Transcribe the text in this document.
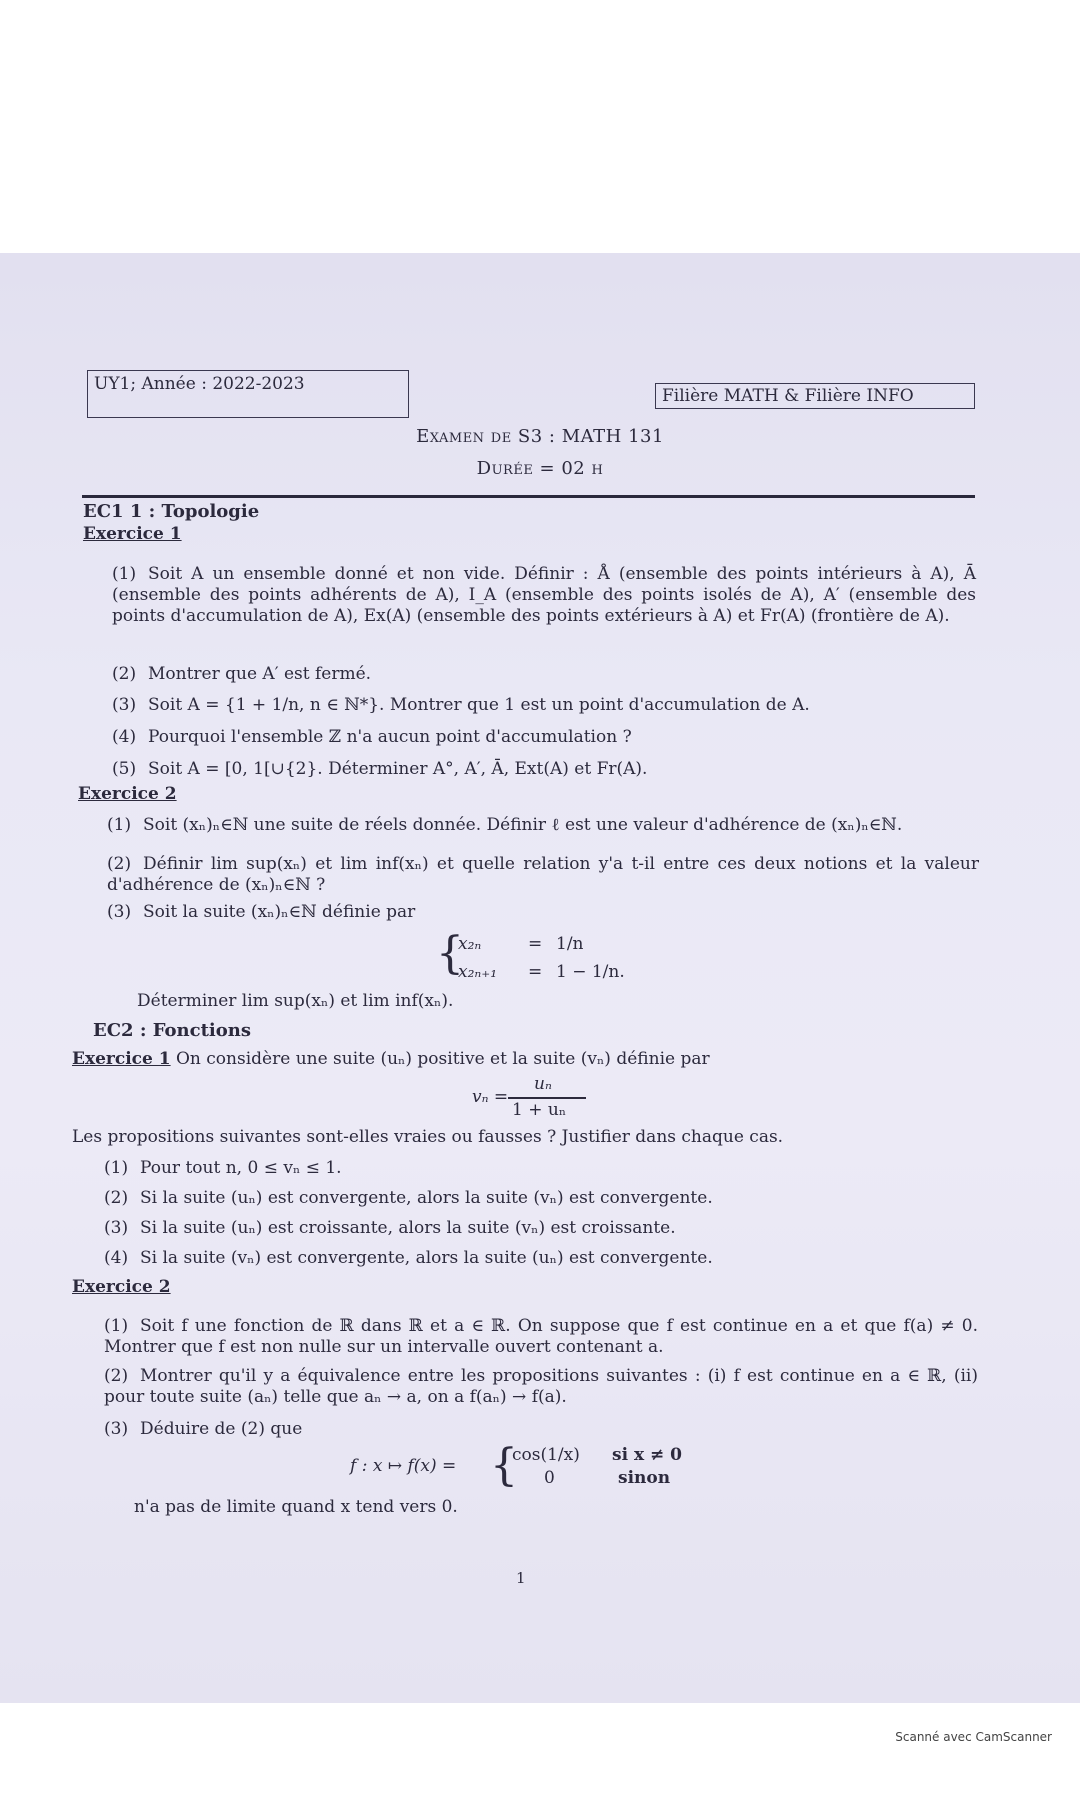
UY1; Année : 2022-2023
Filière MATH & Filière INFO
Examen de S3 : MATH 131
Durée = 02 h
EC1 1 : Topologie
Exercice 1
(1) Soit A un ensemble donné et non vide. Définir : Å (ensemble des points intérieurs à A), Ā (ensemble des points adhérents de A), I_A (ensemble des points isolés de A), A′ (ensemble des points d'accumulation de A), Ex(A) (ensemble des points extérieurs à A) et Fr(A) (frontière de A).
(2) Montrer que A′ est fermé.
(3) Soit A = {1 + 1/n, n ∈ ℕ*}. Montrer que 1 est un point d'accumulation de A.
(4) Pourquoi l'ensemble ℤ n'a aucun point d'accumulation ?
(5) Soit A = [0, 1[∪{2}. Déterminer A°, A′, Ā, Ext(A) et Fr(A).
Exercice 2
(1) Soit (xₙ)ₙ∈ℕ une suite de réels donnée. Définir ℓ est une valeur d'adhérence de (xₙ)ₙ∈ℕ.
(2) Définir lim sup(xₙ) et lim inf(xₙ) et quelle relation y'a t-il entre ces deux notions et la valeur d'adhérence de (xₙ)ₙ∈ℕ ?
(3) Soit la suite (xₙ)ₙ∈ℕ définie par
{
x₂ₙ	= 1/n
x₂ₙ₊₁ = 1 − 1/n.
Déterminer lim sup(xₙ) et lim inf(xₙ).
EC2 : Fonctions
Exercice 1 On considère une suite (uₙ) positive et la suite (vₙ) définie par
vₙ =
uₙ
1 + uₙ
Les propositions suivantes sont-elles vraies ou fausses ? Justifier dans chaque cas.
(1) Pour tout n, 0 ≤ vₙ ≤ 1.
(2) Si la suite (uₙ) est convergente, alors la suite (vₙ) est convergente.
(3) Si la suite (uₙ) est croissante, alors la suite (vₙ) est croissante.
(4) Si la suite (vₙ) est convergente, alors la suite (uₙ) est convergente.
Exercice 2
(1) Soit f une fonction de ℝ dans ℝ et a ∈ ℝ. On suppose que f est continue en a et que f(a) ≠ 0. Montrer que f est non nulle sur un intervalle ouvert contenant a.
(2) Montrer qu'il y a équivalence entre les propositions suivantes : (i) f est continue en a ∈ ℝ, (ii) pour toute suite (aₙ) telle que aₙ → a, on a f(aₙ) → f(a).
(3) Déduire de (2) que
f : x ↦ f(x) = {
cos(1/x) si x ≠ 0
0	sinon
n'a pas de limite quand x tend vers 0.
1
Scanné avec CamScanner
